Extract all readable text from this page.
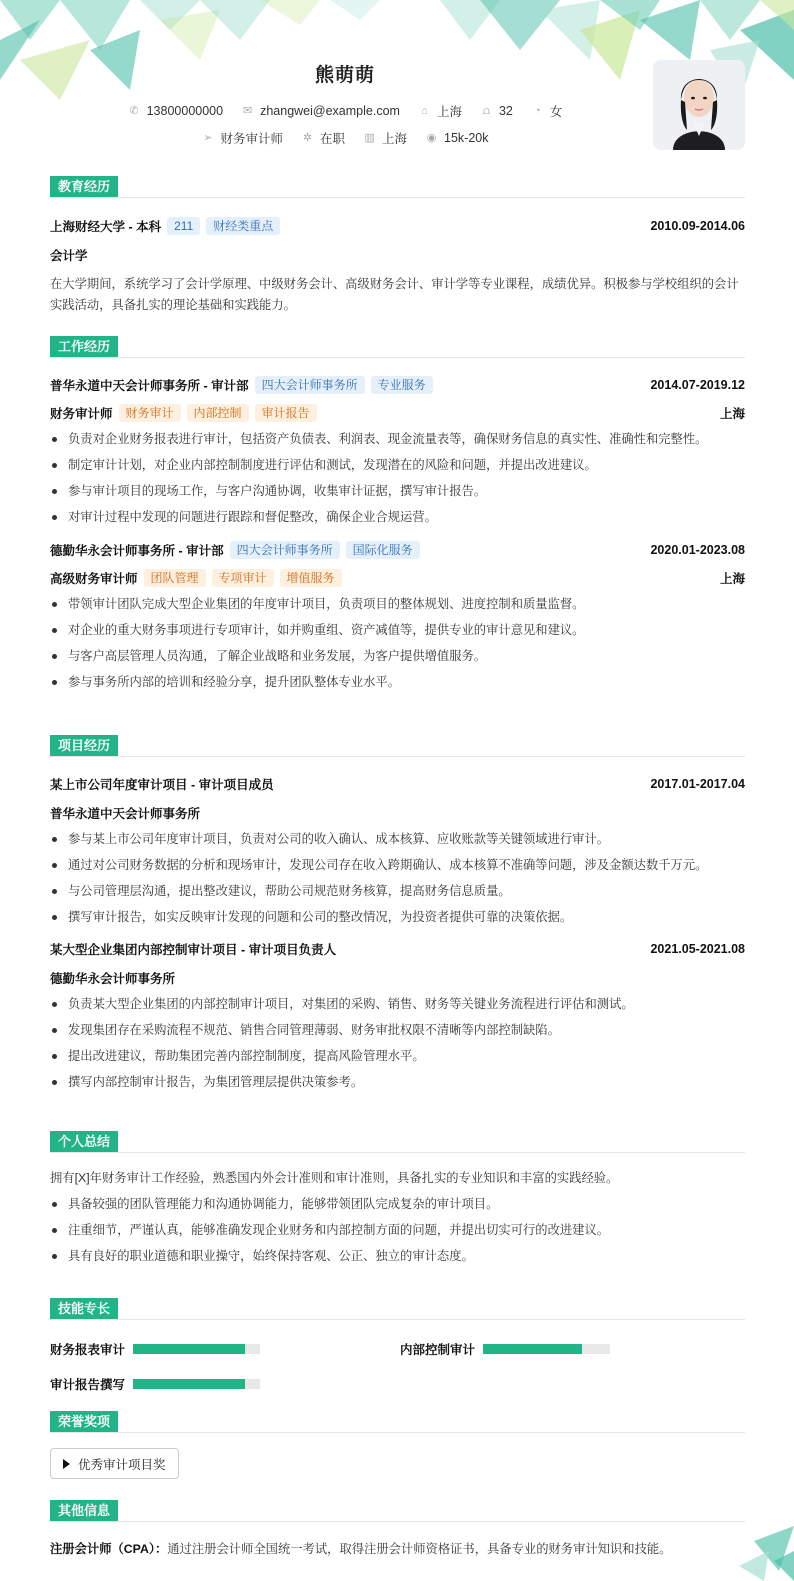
熊萌萌
✆ 13800000000 ✉ zhangwei@example.com ⌂ 上海 ⩍ 32 ◔ 女
➢ 财务审计师 ✲ 在职 ▥ 上海 ◉ 15k-20k
教育经历
上海财经大学 - 本科	211	财经类重点	2010.09-2014.06
会计学
在大学期间，系统学习了会计学原理、中级财务会计、高级财务会计、审计学等专业课程，成绩优异。积极参与学校组织的会计实践活动，具备扎实的理论基础和实践能力。
工作经历
普华永道中天会计师事务所 - 审计部	四大会计师事务所	专业服务	2014.07-2019.12
财务审计师	财务审计	内部控制	审计报告	上海
负责对企业财务报表进行审计，包括资产负债表、利润表、现金流量表等，确保财务信息的真实性、准确性和完整性。
制定审计计划，对企业内部控制制度进行评估和测试，发现潜在的风险和问题，并提出改进建议。
参与审计项目的现场工作，与客户沟通协调，收集审计证据，撰写审计报告。
对审计过程中发现的问题进行跟踪和督促整改，确保企业合规运营。
德勤华永会计师事务所 - 审计部	四大会计师事务所	国际化服务	2020.01-2023.08
高级财务审计师	团队管理	专项审计	增值服务	上海
带领审计团队完成大型企业集团的年度审计项目，负责项目的整体规划、进度控制和质量监督。
对企业的重大财务事项进行专项审计，如并购重组、资产减值等，提供专业的审计意见和建议。
与客户高层管理人员沟通，了解企业战略和业务发展，为客户提供增值服务。
参与事务所内部的培训和经验分享，提升团队整体专业水平。
项目经历
某上市公司年度审计项目 - 审计项目成员	2017.01-2017.04
普华永道中天会计师事务所
参与某上市公司年度审计项目，负责对公司的收入确认、成本核算、应收账款等关键领域进行审计。
通过对公司财务数据的分析和现场审计，发现公司存在收入跨期确认、成本核算不准确等问题，涉及金额达数千万元。
与公司管理层沟通，提出整改建议，帮助公司规范财务核算，提高财务信息质量。
撰写审计报告，如实反映审计发现的问题和公司的整改情况，为投资者提供可靠的决策依据。
某大型企业集团内部控制审计项目 - 审计项目负责人	2021.05-2021.08
德勤华永会计师事务所
负责某大型企业集团的内部控制审计项目，对集团的采购、销售、财务等关键业务流程进行评估和测试。
发现集团存在采购流程不规范、销售合同管理薄弱、财务审批权限不清晰等内部控制缺陷。
提出改进建议，帮助集团完善内部控制制度，提高风险管理水平。
撰写内部控制审计报告，为集团管理层提供决策参考。
个人总结
拥有[X]年财务审计工作经验，熟悉国内外会计准则和审计准则，具备扎实的专业知识和丰富的实践经验。
具备较强的团队管理能力和沟通协调能力，能够带领团队完成复杂的审计项目。
注重细节，严谨认真，能够准确发现企业财务和内部控制方面的问题，并提出切实可行的改进建议。
具有良好的职业道德和职业操守，始终保持客观、公正、独立的审计态度。
技能专长
财务报表审计	内部控制审计
审计报告撰写
荣誉奖项
优秀审计项目奖
其他信息
注册会计师（CPA）：通过注册会计师全国统一考试，取得注册会计师资格证书，具备专业的财务审计知识和技能。
